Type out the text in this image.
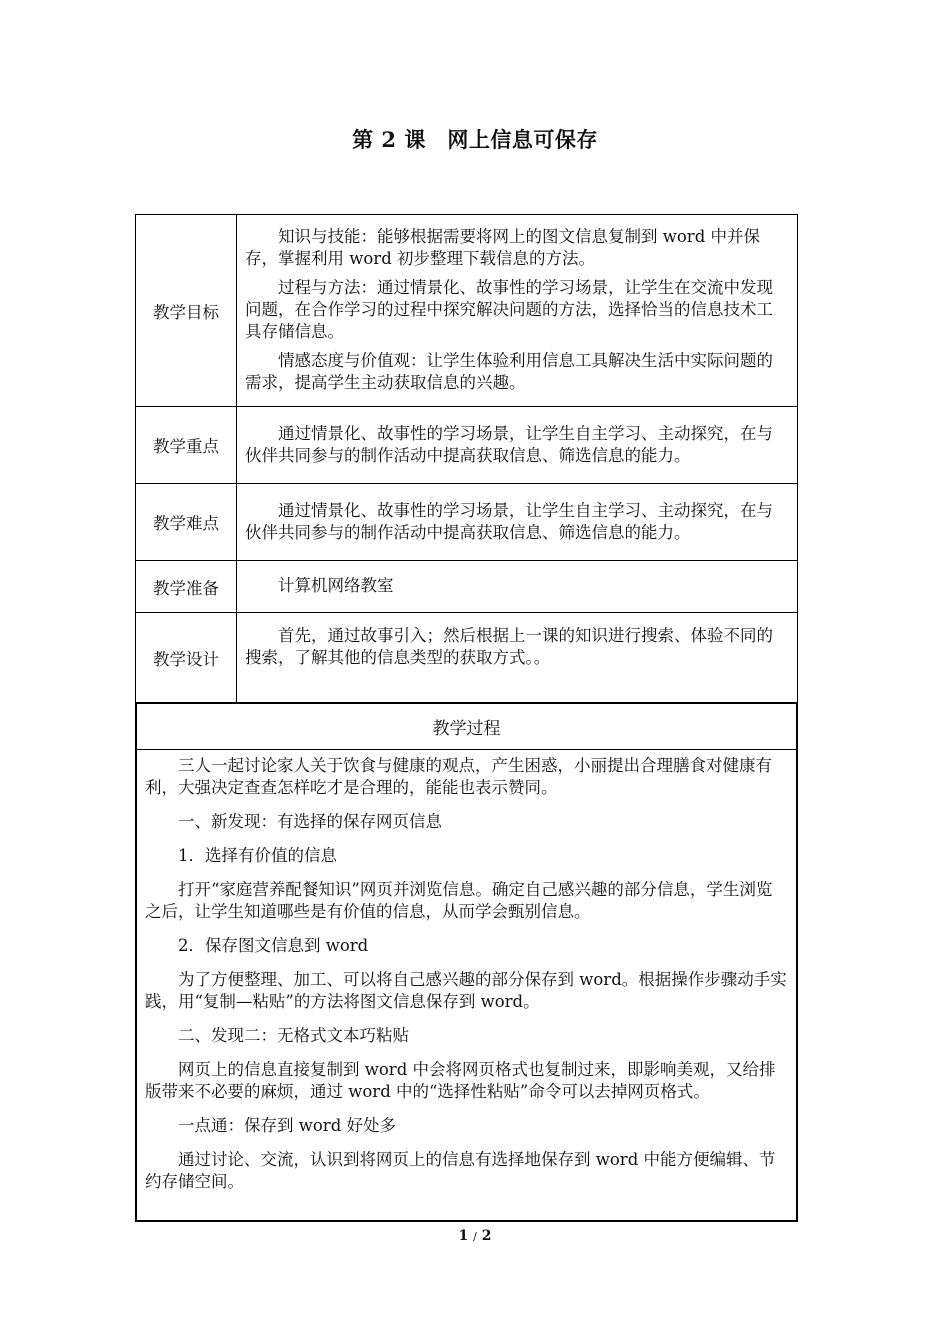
第 2 课　网上信息可保存
教学目标	知识与技能：能够根据需要将网上的图文信息复制到 word 中并保存，掌握利用 word 初步整理下载信息的方法。

过程与方法：通过情景化、故事性的学习场景，让学生在交流中发现问题，在合作学习的过程中探究解决问题的方法，选择恰当的信息技术工具存储信息。

情感态度与价值观：让学生体验利用信息工具解决生活中实际问题的需求，提高学生主动获取信息的兴趣。

教学重点	通过情景化、故事性的学习场景，让学生自主学习、主动探究，在与伙伴共同参与的制作活动中提高获取信息、筛选信息的能力。

教学难点	通过情景化、故事性的学习场景，让学生自主学习、主动探究，在与伙伴共同参与的制作活动中提高获取信息、筛选信息的能力。

教学准备	计算机网络教室

教学设计	首先，通过故事引入；然后根据上一课的知识进行搜索、体验不同的搜索，了解其他的信息类型的获取方式。。

教学过程

三人一起讨论家人关于饮食与健康的观点，产生困惑，小丽提出合理膳食对健康有利，大强决定查查怎样吃才是合理的，能能也表示赞同。

一、新发现：有选择的保存网页信息

1．选择有价值的信息

打开“家庭营养配餐知识”网页并浏览信息。确定自己感兴趣的部分信息，学生浏览之后，让学生知道哪些是有价值的信息，从而学会甄别信息。

2．保存图文信息到 word

为了方便整理、加工、可以将自己感兴趣的部分保存到 word。根据操作步骤动手实践，用“复制—粘贴”的方法将图文信息保存到 word。

二、发现二：无格式文本巧粘贴

网页上的信息直接复制到 word 中会将网页格式也复制过来，即影响美观，又给排版带来不必要的麻烦，通过 word 中的“选择性粘贴”命令可以去掉网页格式。

一点通：保存到 word 好处多

通过讨论、交流，认识到将网页上的信息有选择地保存到 word 中能方便编辑、节约存储空间。

1 / 2
